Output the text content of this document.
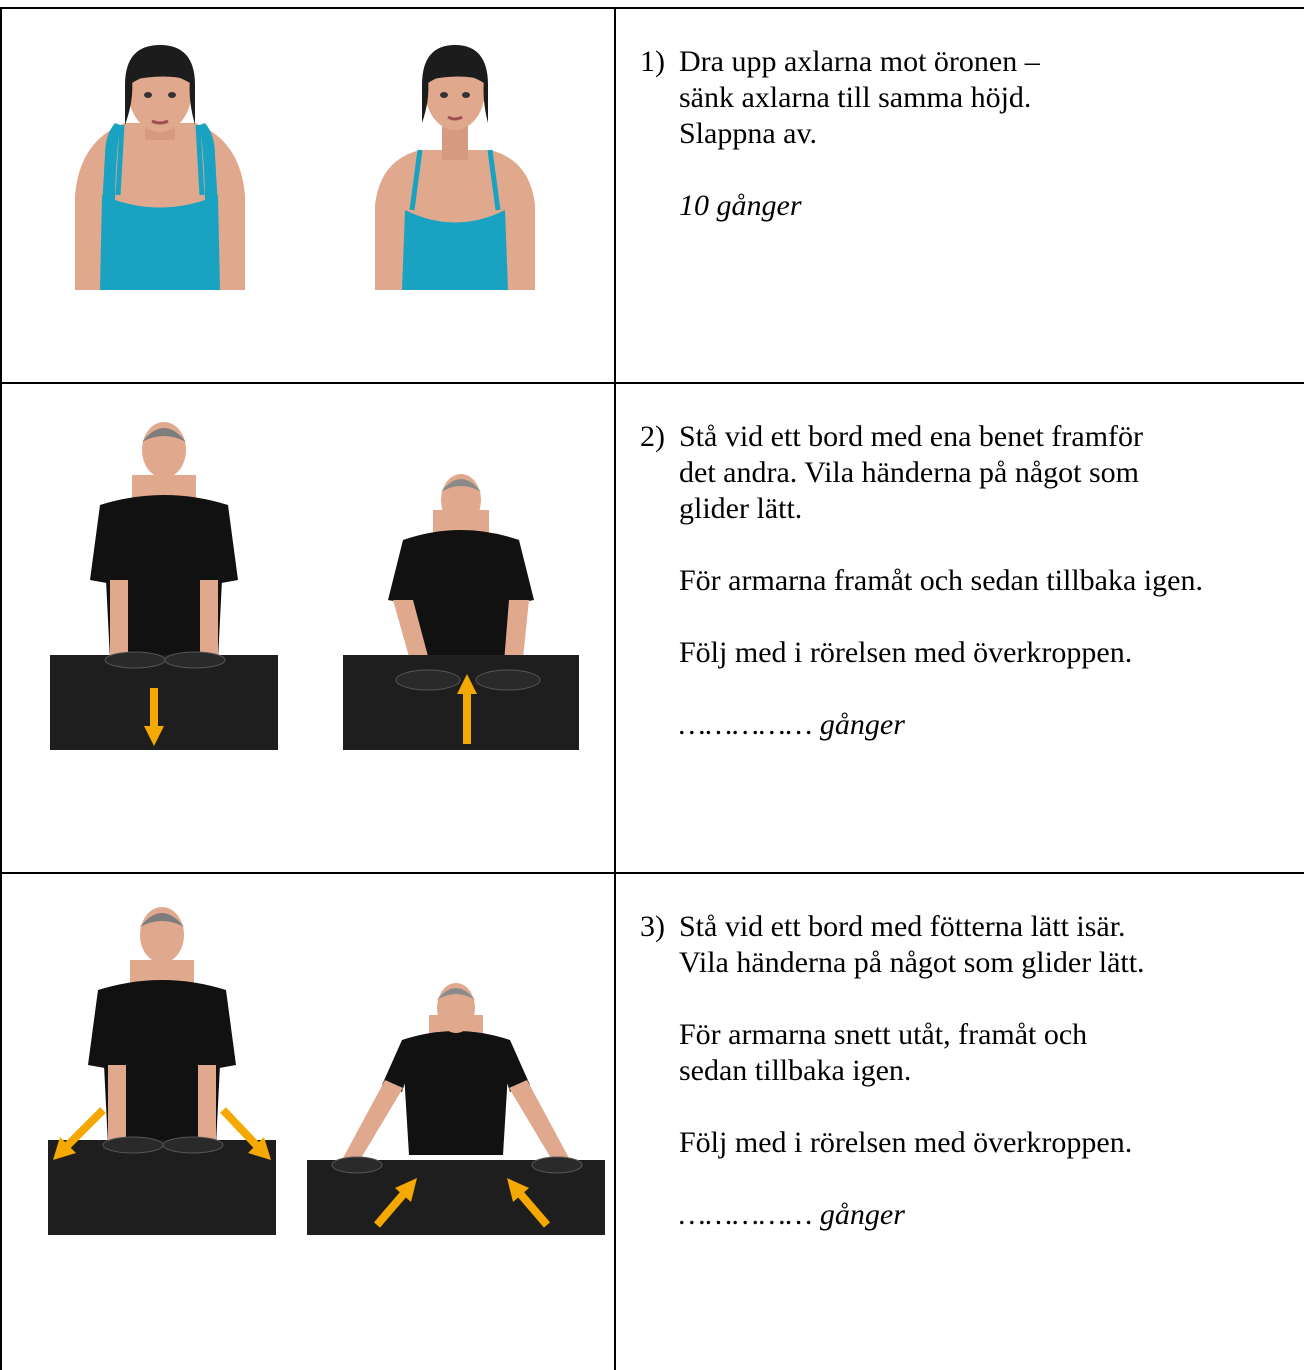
1) Dra upp axlarna mot öronen –

sänk axlarna till samma höjd.

Slappna av.

10 gånger

2) Stå vid ett bord med ena benet framför

det andra. Vila händerna på något som

glider lätt.

För armarna framåt och sedan tillbaka igen.

Följ med i rörelsen med överkroppen.

…………… gånger

3) Stå vid ett bord med fötterna lätt isär.

Vila händerna på något som glider lätt.

För armarna snett utåt, framåt och

sedan tillbaka igen.

Följ med i rörelsen med överkroppen.

…………… gånger
